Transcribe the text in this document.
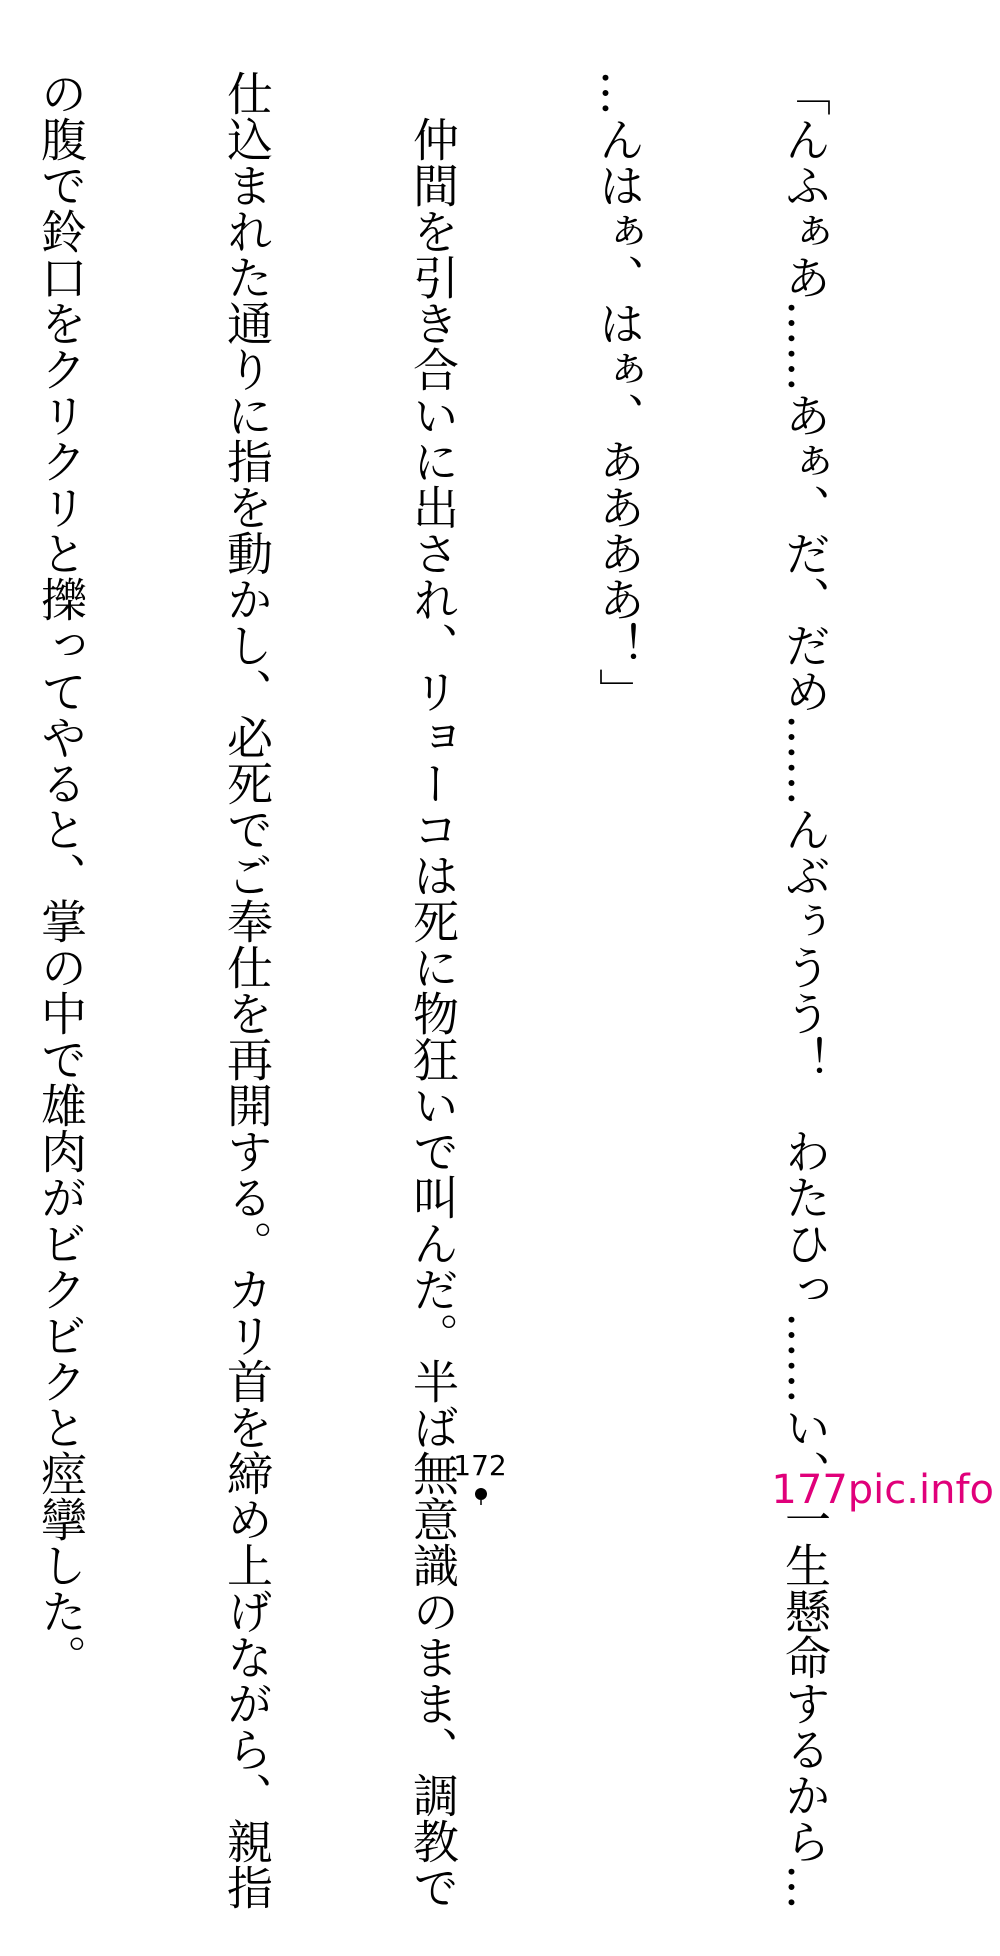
「んふぁあ……あぁ、だ、だめ……んぶぅうう！　わたひっ……い、一生懸命するから…

…んはぁ、はぁ、ああああ！」

　仲間を引き合いに出され、リョーコは死に物狂いで叫んだ。半ば無意識のまま、調教で

仕込まれた通りに指を動かし、必死でご奉仕を再開する。カリ首を締め上げながら、親指

の腹で鈴口をクリクリと擽ってやると、掌の中で雄肉がビクビクと痙攣した。

	172
177pic.info
